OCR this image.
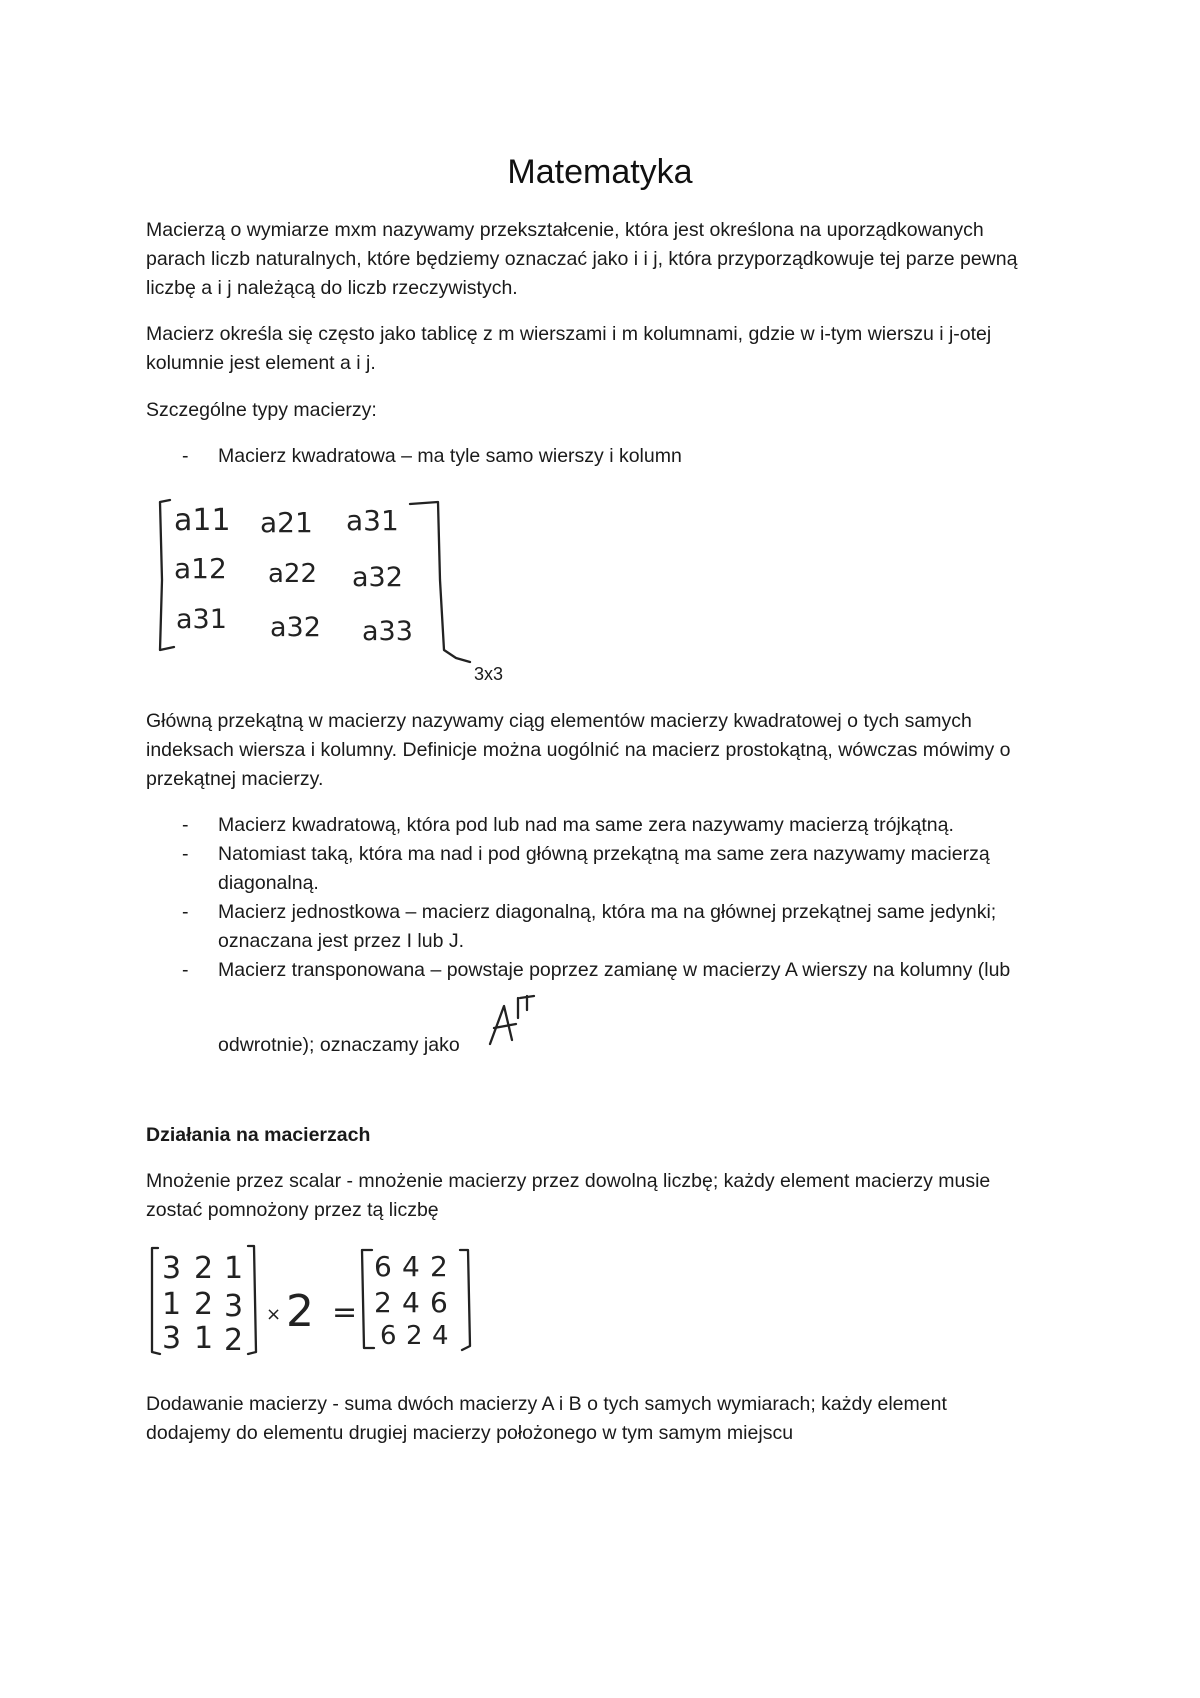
Matematyka

Macierzą o wymiarze mxm nazywamy przekształcenie, która jest określona na uporządkowanych

parach liczb naturalnych, które będziemy oznaczać jako i i j, która przyporządkowuje tej parze pewną

liczbę a i j należącą do liczb rzeczywistych.

Macierz określa się często jako tablicę z m wierszami i m kolumnami, gdzie w i-tym wierszu i j-otej

kolumnie jest element a i j.

Szczególne typy macierzy:

- Macierz kwadratowa – ma tyle samo wierszy i kolumn

a11 a21 a31
a12 a22 a32
a31 a32 a33
3x3

Główną przekątną w macierzy nazywamy ciąg elementów macierzy kwadratowej o tych samych

indeksach wiersza i kolumny. Definicje można uogólnić na macierz prostokątną, wówczas mówimy o

przekątnej macierzy.

- Macierz kwadratową, która pod lub nad ma same zera nazywamy macierzą trójkątną.

- Natomiast taką, która ma nad i pod główną przekątną ma same zera nazywamy macierzą

diagonalną.

- Macierz jednostkowa – macierz diagonalną, która ma na głównej przekątnej same jedynki;

oznaczana jest przez I lub J.

- Macierz transponowana – powstaje poprzez zamianę w macierzy A wierszy na kolumny (lub

odwrotnie); oznaczamy jako

A^T
Działania na macierzach

Mnożenie przez scalar - mnożenie macierzy przez dowolną liczbę; każdy element macierzy musie

zostać pomnożony przez tą liczbę

3 2 1
1 2 3
3 1 2
× 2 =
6 4 2
2 4 6
6 2 4

Dodawanie macierzy - suma dwóch macierzy A i B o tych samych wymiarach; każdy element

dodajemy do elementu drugiej macierzy położonego w tym samym miejscu
